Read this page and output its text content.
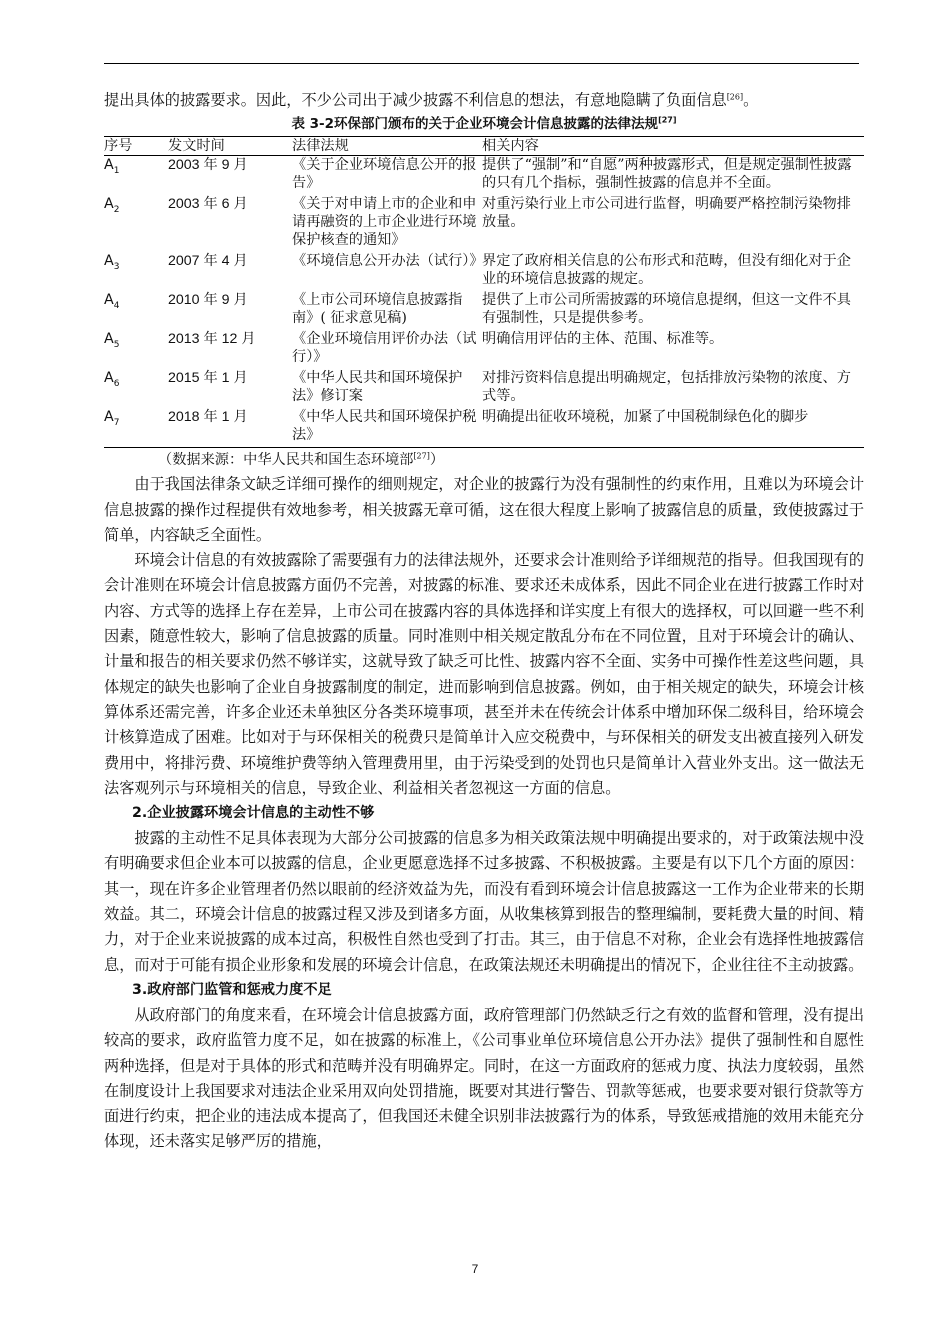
提出具体的披露要求。因此，不少公司出于减少披露不利信息的想法，有意地隐瞒了负面信息[26]。

表 3-2环保部门颁布的关于企业环境会计信息披露的法律法规[27]
序号	发文时间	法律法规	相关内容
$A_1$	2003 年 9 月	《关于企业环境信息公开的报告》	提供了“强制”和“自愿”两种披露形式，但是规定强制性披露的只有几个指标，强制性披露的信息并不全面。
$A_2$	2003 年 6 月	《关于对申请上市的企业和申请再融资的上市企业进行环境保护核查的通知》	对重污染行业上市公司进行监督，明确要严格控制污染物排放量。
$A_3$	2007 年 4 月	《环境信息公开办法（试行）》	界定了政府相关信息的公布形式和范畴，但没有细化对于企业的环境信息披露的规定。
$A_4$	2010 年 9 月	《上市公司环境信息披露指南》( 征求意见稿)	提供了上市公司所需披露的环境信息提纲，但这一文件不具有强制性，只是提供参考。
$A_5$	2013 年 12 月	《企业环境信用评价办法（试行）》	明确信用评估的主体、范围、标准等。
$A_6$	2015 年 1 月	《中华人民共和国环境保护法》修订案	对排污资料信息提出明确规定，包括排放污染物的浓度、方式等。
$A_7$	2018 年 1 月	《中华人民共和国环境保护税法》	明确提出征收环境税，加紧了中国税制绿色化的脚步

（数据来源：中华人民共和国生态环境部[27]）

由于我国法律条文缺乏详细可操作的细则规定，对企业的披露行为没有强制性的约束作用，且难以为环境会计信息披露的操作过程提供有效地参考，相关披露无章可循，这在很大程度上影响了披露信息的质量，致使披露过于简单，内容缺乏全面性。

环境会计信息的有效披露除了需要强有力的法律法规外，还要求会计准则给予详细规范的指导。但我国现有的会计准则在环境会计信息披露方面仍不完善，对披露的标准、要求还未成体系，因此不同企业在进行披露工作时对内容、方式等的选择上存在差异，上市公司在披露内容的具体选择和详实度上有很大的选择权，可以回避一些不利因素，随意性较大，影响了信息披露的质量。同时准则中相关规定散乱分布在不同位置，且对于环境会计的确认、计量和报告的相关要求仍然不够详实，这就导致了缺乏可比性、披露内容不全面、实务中可操作性差这些问题，具体规定的缺失也影响了企业自身披露制度的制定，进而影响到信息披露。例如，由于相关规定的缺失，环境会计核算体系还需完善，许多企业还未单独区分各类环境事项，甚至并未在传统会计体系中增加环保二级科目，给环境会计核算造成了困难。比如对于与环保相关的税费只是简单计入应交税费中，与环保相关的研发支出被直接列入研发费用中，将排污费、环境维护费等纳入管理费用里，由于污染受到的处罚也只是简单计入营业外支出。这一做法无法客观列示与环境相关的信息，导致企业、利益相关者忽视这一方面的信息。

2.企业披露环境会计信息的主动性不够

披露的主动性不足具体表现为大部分公司披露的信息多为相关政策法规中明确提出要求的，对于政策法规中没有明确要求但企业本可以披露的信息，企业更愿意选择不过多披露、不积极披露。主要是有以下几个方面的原因：其一，现在许多企业管理者仍然以眼前的经济效益为先，而没有看到环境会计信息披露这一工作为企业带来的长期效益。其二，环境会计信息的披露过程又涉及到诸多方面，从收集核算到报告的整理编制，要耗费大量的时间、精力，对于企业来说披露的成本过高，积极性自然也受到了打击。其三，由于信息不对称，企业会有选择性地披露信息，而对于可能有损企业形象和发展的环境会计信息，在政策法规还未明确提出的情况下，企业往往不主动披露。

3.政府部门监管和惩戒力度不足

从政府部门的角度来看，在环境会计信息披露方面，政府管理部门仍然缺乏行之有效的监督和管理，没有提出较高的要求，政府监管力度不足，如在披露的标准上，《公司事业单位环境信息公开办法》提供了强制性和自愿性两种选择，但是对于具体的形式和范畴并没有明确界定。同时，在这一方面政府的惩戒力度、执法力度较弱，虽然在制度设计上我国要求对违法企业采用双向处罚措施，既要对其进行警告、罚款等惩戒，也要求要对银行贷款等方面进行约束，把企业的违法成本提高了，但我国还未健全识别非法披露行为的体系，导致惩戒措施的效用未能充分体现，还未落实足够严厉的措施，

7
